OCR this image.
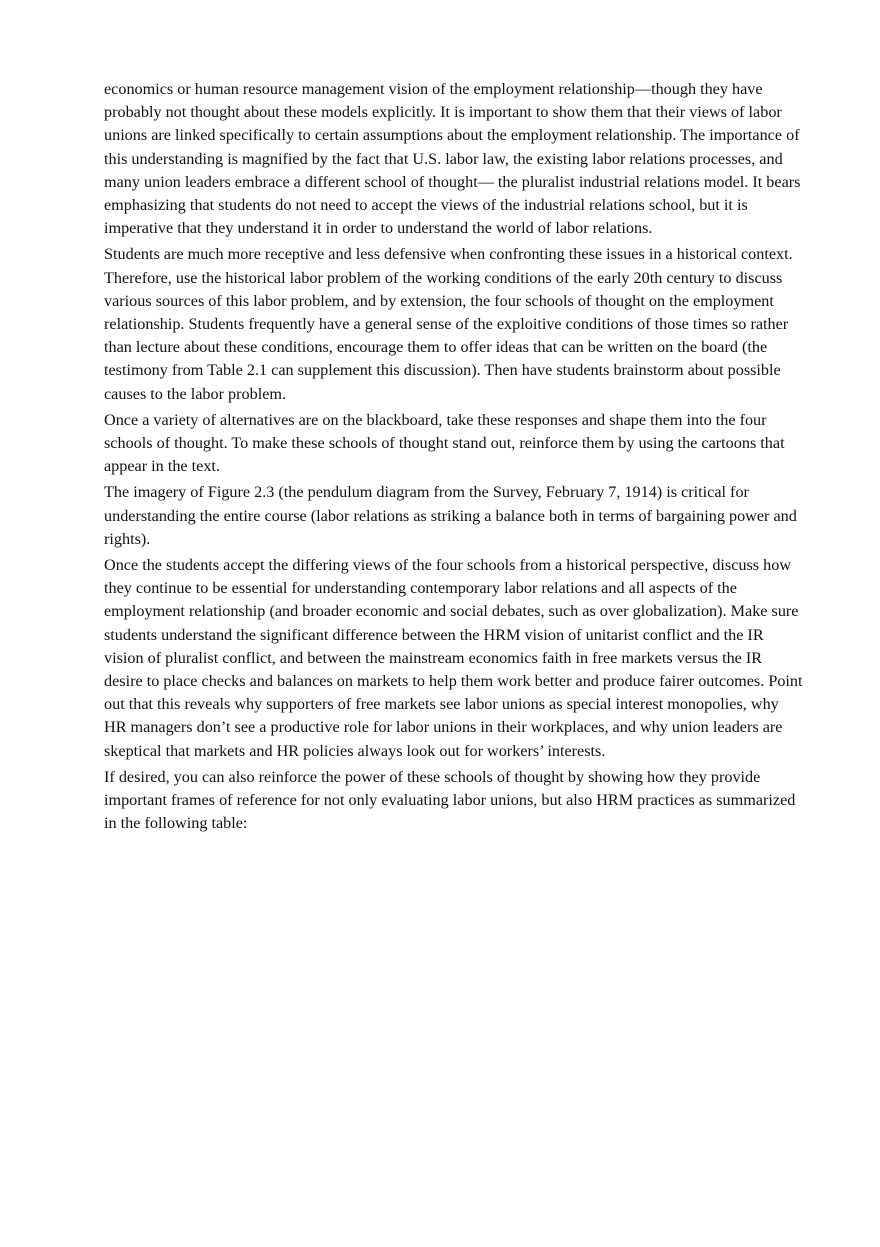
economics or human resource management vision of the employment relationship—though they have probably not thought about these models explicitly. It is important to show them that their views of labor unions are linked specifically to certain assumptions about the employment relationship. The importance of this understanding is magnified by the fact that U.S. labor law, the existing labor relations processes, and many union leaders embrace a different school of thought— the pluralist industrial relations model. It bears emphasizing that students do not need to accept the views of the industrial relations school, but it is imperative that they understand it in order to understand the world of labor relations.

Students are much more receptive and less defensive when confronting these issues in a historical context. Therefore, use the historical labor problem of the working conditions of the early 20th century to discuss various sources of this labor problem, and by extension, the four schools of thought on the employment relationship. Students frequently have a general sense of the exploitive conditions of those times so rather than lecture about these conditions, encourage them to offer ideas that can be written on the board (the testimony from Table 2.1 can supplement this discussion). Then have students brainstorm about possible causes to the labor problem.

Once a variety of alternatives are on the blackboard, take these responses and shape them into the four schools of thought. To make these schools of thought stand out, reinforce them by using the cartoons that appear in the text.

The imagery of Figure 2.3 (the pendulum diagram from the Survey, February 7, 1914) is critical for understanding the entire course (labor relations as striking a balance both in terms of bargaining power and rights).

Once the students accept the differing views of the four schools from a historical perspective, discuss how they continue to be essential for understanding contemporary labor relations and all aspects of the employment relationship (and broader economic and social debates, such as over globalization). Make sure students understand the significant difference between the HRM vision of unitarist conflict and the IR vision of pluralist conflict, and between the mainstream economics faith in free markets versus the IR desire to place checks and balances on markets to help them work better and produce fairer outcomes. Point out that this reveals why supporters of free markets see labor unions as special interest monopolies, why HR managers don’t see a productive role for labor unions in their workplaces, and why union leaders are skeptical that markets and HR policies always look out for workers’ interests.

If desired, you can also reinforce the power of these schools of thought by showing how they provide important frames of reference for not only evaluating labor unions, but also HRM practices as summarized in the following table:
